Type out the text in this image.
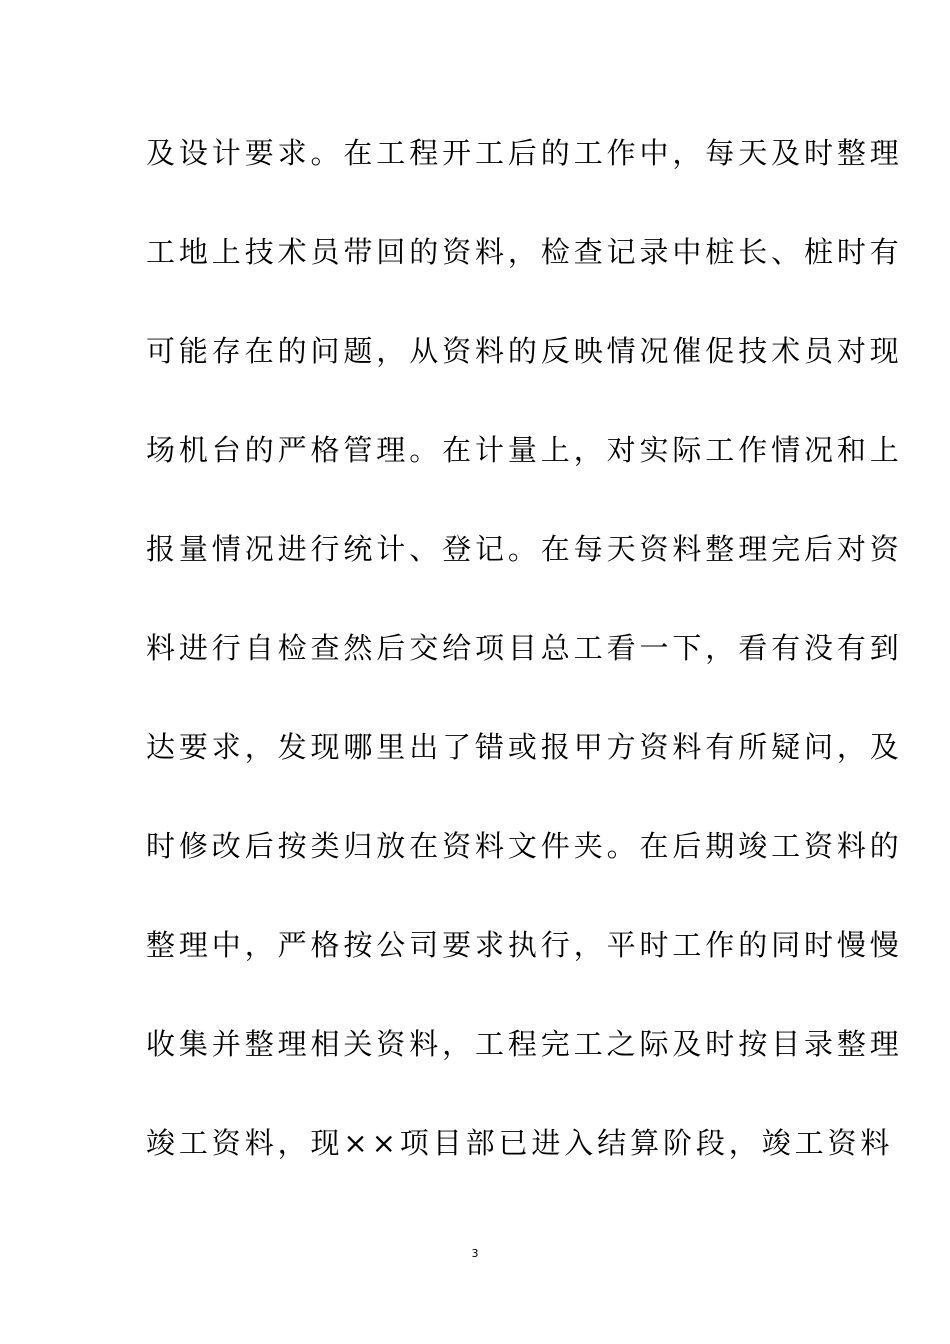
及设计要求。在工程开工后的工作中，每天及时整理
工地上技术员带回的资料，检查记录中桩长、桩时有
可能存在的问题，从资料的反映情况催促技术员对现
场机台的严格管理。在计量上，对实际工作情况和上
报量情况进行统计、登记。在每天资料整理完后对资
料进行自检查然后交给项目总工看一下，看有没有到
达要求，发现哪里出了错或报甲方资料有所疑问，及
时修改后按类归放在资料文件夹。在后期竣工资料的
整理中，严格按公司要求执行，平时工作的同时慢慢
收集并整理相关资料，工程完工之际及时按目录整理
竣工资料，现××项目部已进入结算阶段，竣工资料
3
